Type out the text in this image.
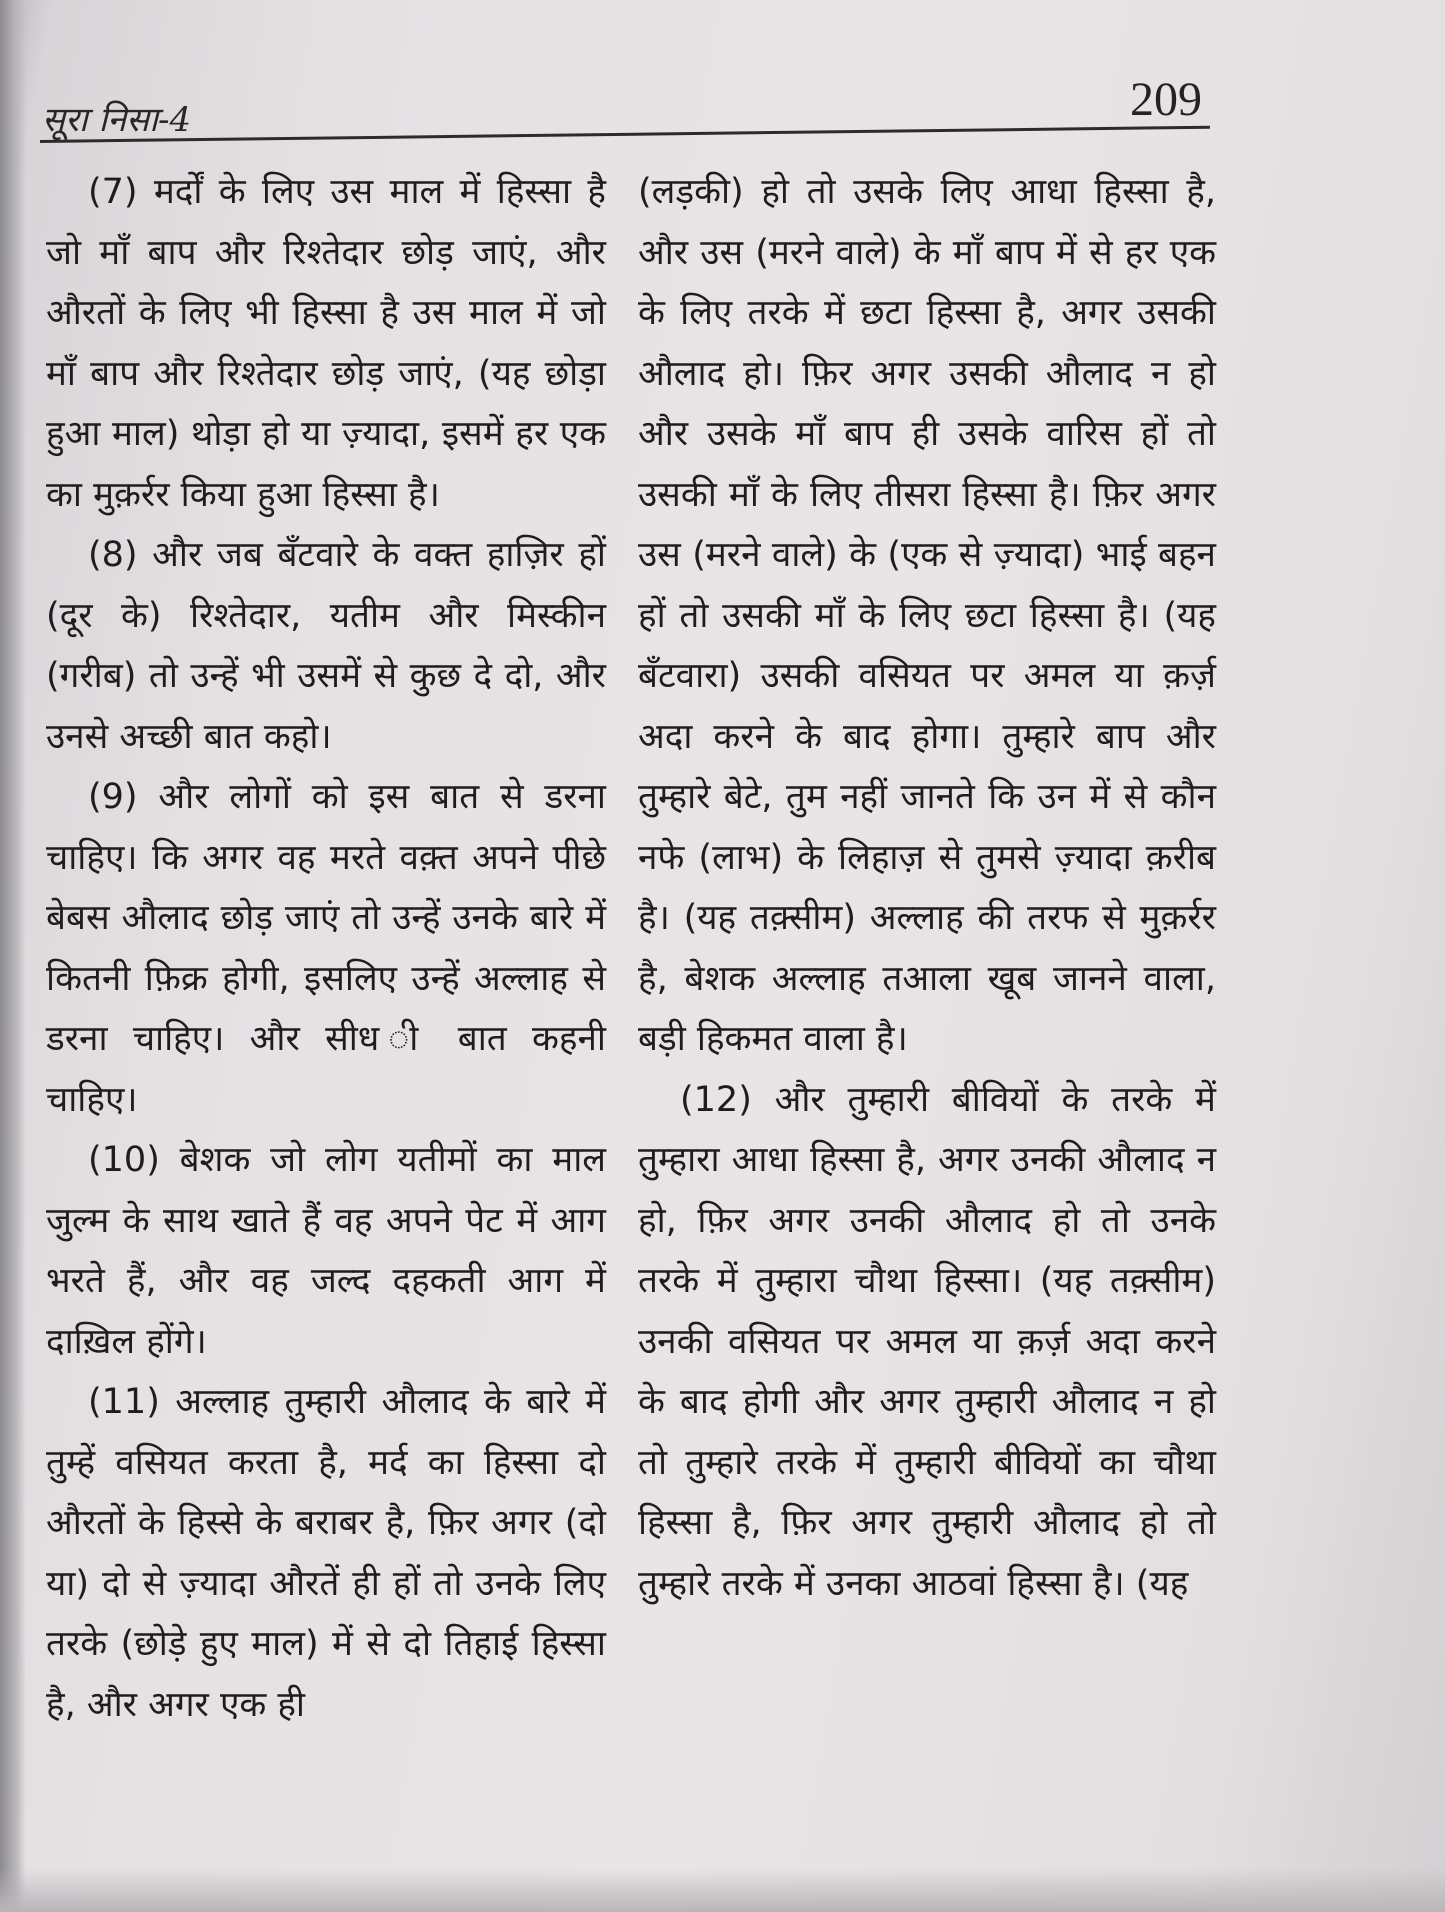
सूरा निसा-4	209

(7) मर्दों के लिए उस माल में हिस्सा है जो माँ बाप और रिश्तेदार छोड़ जाएं, और औरतों के लिए भी हिस्सा है उस माल में जो माँ बाप और रिश्तेदार छोड़ जाएं, (यह छोड़ा हुआ माल) थोड़ा हो या ज़्यादा, इसमें हर एक का मुक़र्रर किया हुआ हिस्सा है।

(8) और जब बँटवारे के वक्त हाज़िर हों (दूर के) रिश्तेदार, यतीम और मिस्कीन (गरीब) तो उन्हें भी उसमें से कुछ दे दो, और उनसे अच्छी बात कहो।

(9) और लोगों को इस बात से डरना चाहिए। कि अगर वह मरते वक़्त अपने पीछे बेबस औलाद छोड़ जाएं तो उन्हें उनके बारे में कितनी फ़िक्र होगी, इसलिए उन्हें अल्लाह से डरना चाहिए। और सीध ी बात कहनी चाहिए।

(10) बेशक जो लोग यतीमों का माल जुल्म के साथ खाते हैं वह अपने पेट में आग भरते हैं, और वह जल्द दहकती आग में दाख़िल होंगे।

(11) अल्लाह तुम्हारी औलाद के बारे में तुम्हें वसियत करता है, मर्द का हिस्सा दो औरतों के हिस्से के बराबर है, फ़िर अगर (दो या) दो से ज़्यादा औरतें ही हों तो उनके लिए तरके (छोड़े हुए माल) में से दो तिहाई हिस्सा है, और अगर एक ही

(लड़की) हो तो उसके लिए आधा हिस्सा है, और उस (मरने वाले) के माँ बाप में से हर एक के लिए तरके में छटा हिस्सा है, अगर उसकी औलाद हो। फ़िर अगर उसकी औलाद न हो और उसके माँ बाप ही उसके वारिस हों तो उसकी माँ के लिए तीसरा हिस्सा है। फ़िर अगर उस (मरने वाले) के (एक से ज़्यादा) भाई बहन हों तो उसकी माँ के लिए छटा हिस्सा है। (यह बँटवारा) उसकी वसियत पर अमल या क़र्ज़ अदा करने के बाद होगा। तुम्हारे बाप और तुम्हारे बेटे, तुम नहीं जानते कि उन में से कौन नफे (लाभ) के लिहाज़ से तुमसे ज़्यादा क़रीब है। (यह तक़्सीम) अल्लाह की तरफ से मुक़र्रर है, बेशक अल्लाह तआला खूब जानने वाला, बड़ी हिकमत वाला है।

(12) और तुम्हारी बीवियों के तरके में तुम्हारा आधा हिस्सा है, अगर उनकी औलाद न हो, फ़िर अगर उनकी औलाद हो तो उनके तरके में तुम्हारा चौथा हिस्सा। (यह तक़्सीम) उनकी वसियत पर अमल या क़र्ज़ अदा करने के बाद होगी और अगर तुम्हारी औलाद न हो तो तुम्हारे तरके में तुम्हारी बीवियों का चौथा हिस्सा है, फ़िर अगर तुम्हारी औलाद हो तो तुम्हारे तरके में उनका आठवां हिस्सा है। (यह
